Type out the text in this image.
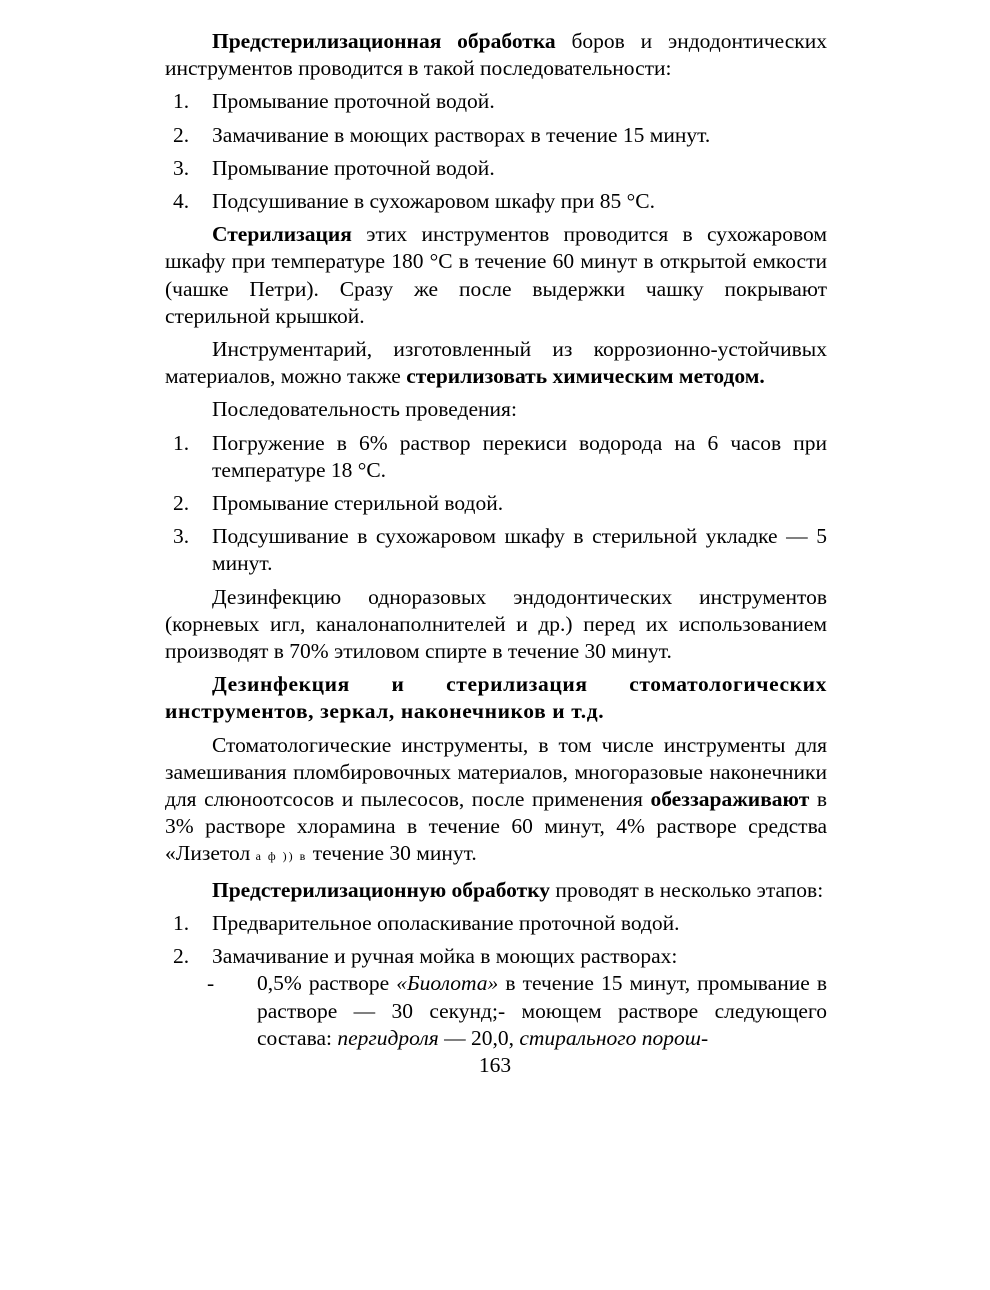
Предстерилизационная обработка боров и эндодонтических инструментов проводится в такой последовательности:

1. Промывание проточной водой.
2. Замачивание в моющих растворах в течение 15 минут.
3. Промывание проточной водой.
4. Подсушивание в сухожаровом шкафу при 85 °С.

Стерилизация этих инструментов проводится в сухожаровом шкафу при температуре 180 °С в течение 60 минут в открытой емкости (чашке Петри). Сразу же после выдержки чашку покрывают стерильной крышкой.

Инструментарий, изготовленный из коррозионно-устойчивых материалов, можно также стерилизовать химическим методом.

Последовательность проведения:

1. Погружение в 6% раствор перекиси водорода на 6 часов при температуре 18 °С.
2. Промывание стерильной водой.
3. Подсушивание в сухожаровом шкафу в стерильной укладке — 5 минут.

Дезинфекцию одноразовых эндодонтических инструментов (корневых игл, каналонаполнителей и др.) перед их использованием производят в 70% этиловом спирте в течение 30 минут.

Дезинфекция и стерилизация стоматологических инструментов, зеркал, наконечников и т.д.

Стоматологические инструменты, в том числе инструменты для замешивания пломбировочных материалов, многоразовые наконечники для слюноотсосов и пылесосов, после применения обеззараживают в 3% растворе хлорамина в течение 60 минут, 4% растворе средства «Лизетол а ф )) в течение 30 минут.

Предстерилизационную обработку проводят в несколько этапов:

1. Предварительное ополаскивание проточной водой.
2. Замачивание и ручная мойка в моющих растворах:

- 0,5% растворе «Биолота» в течение 15 минут, промывание в растворе — 30 секунд;- моющем растворе следующего состава: пергидроля — 20,0, стирального порош-

163
